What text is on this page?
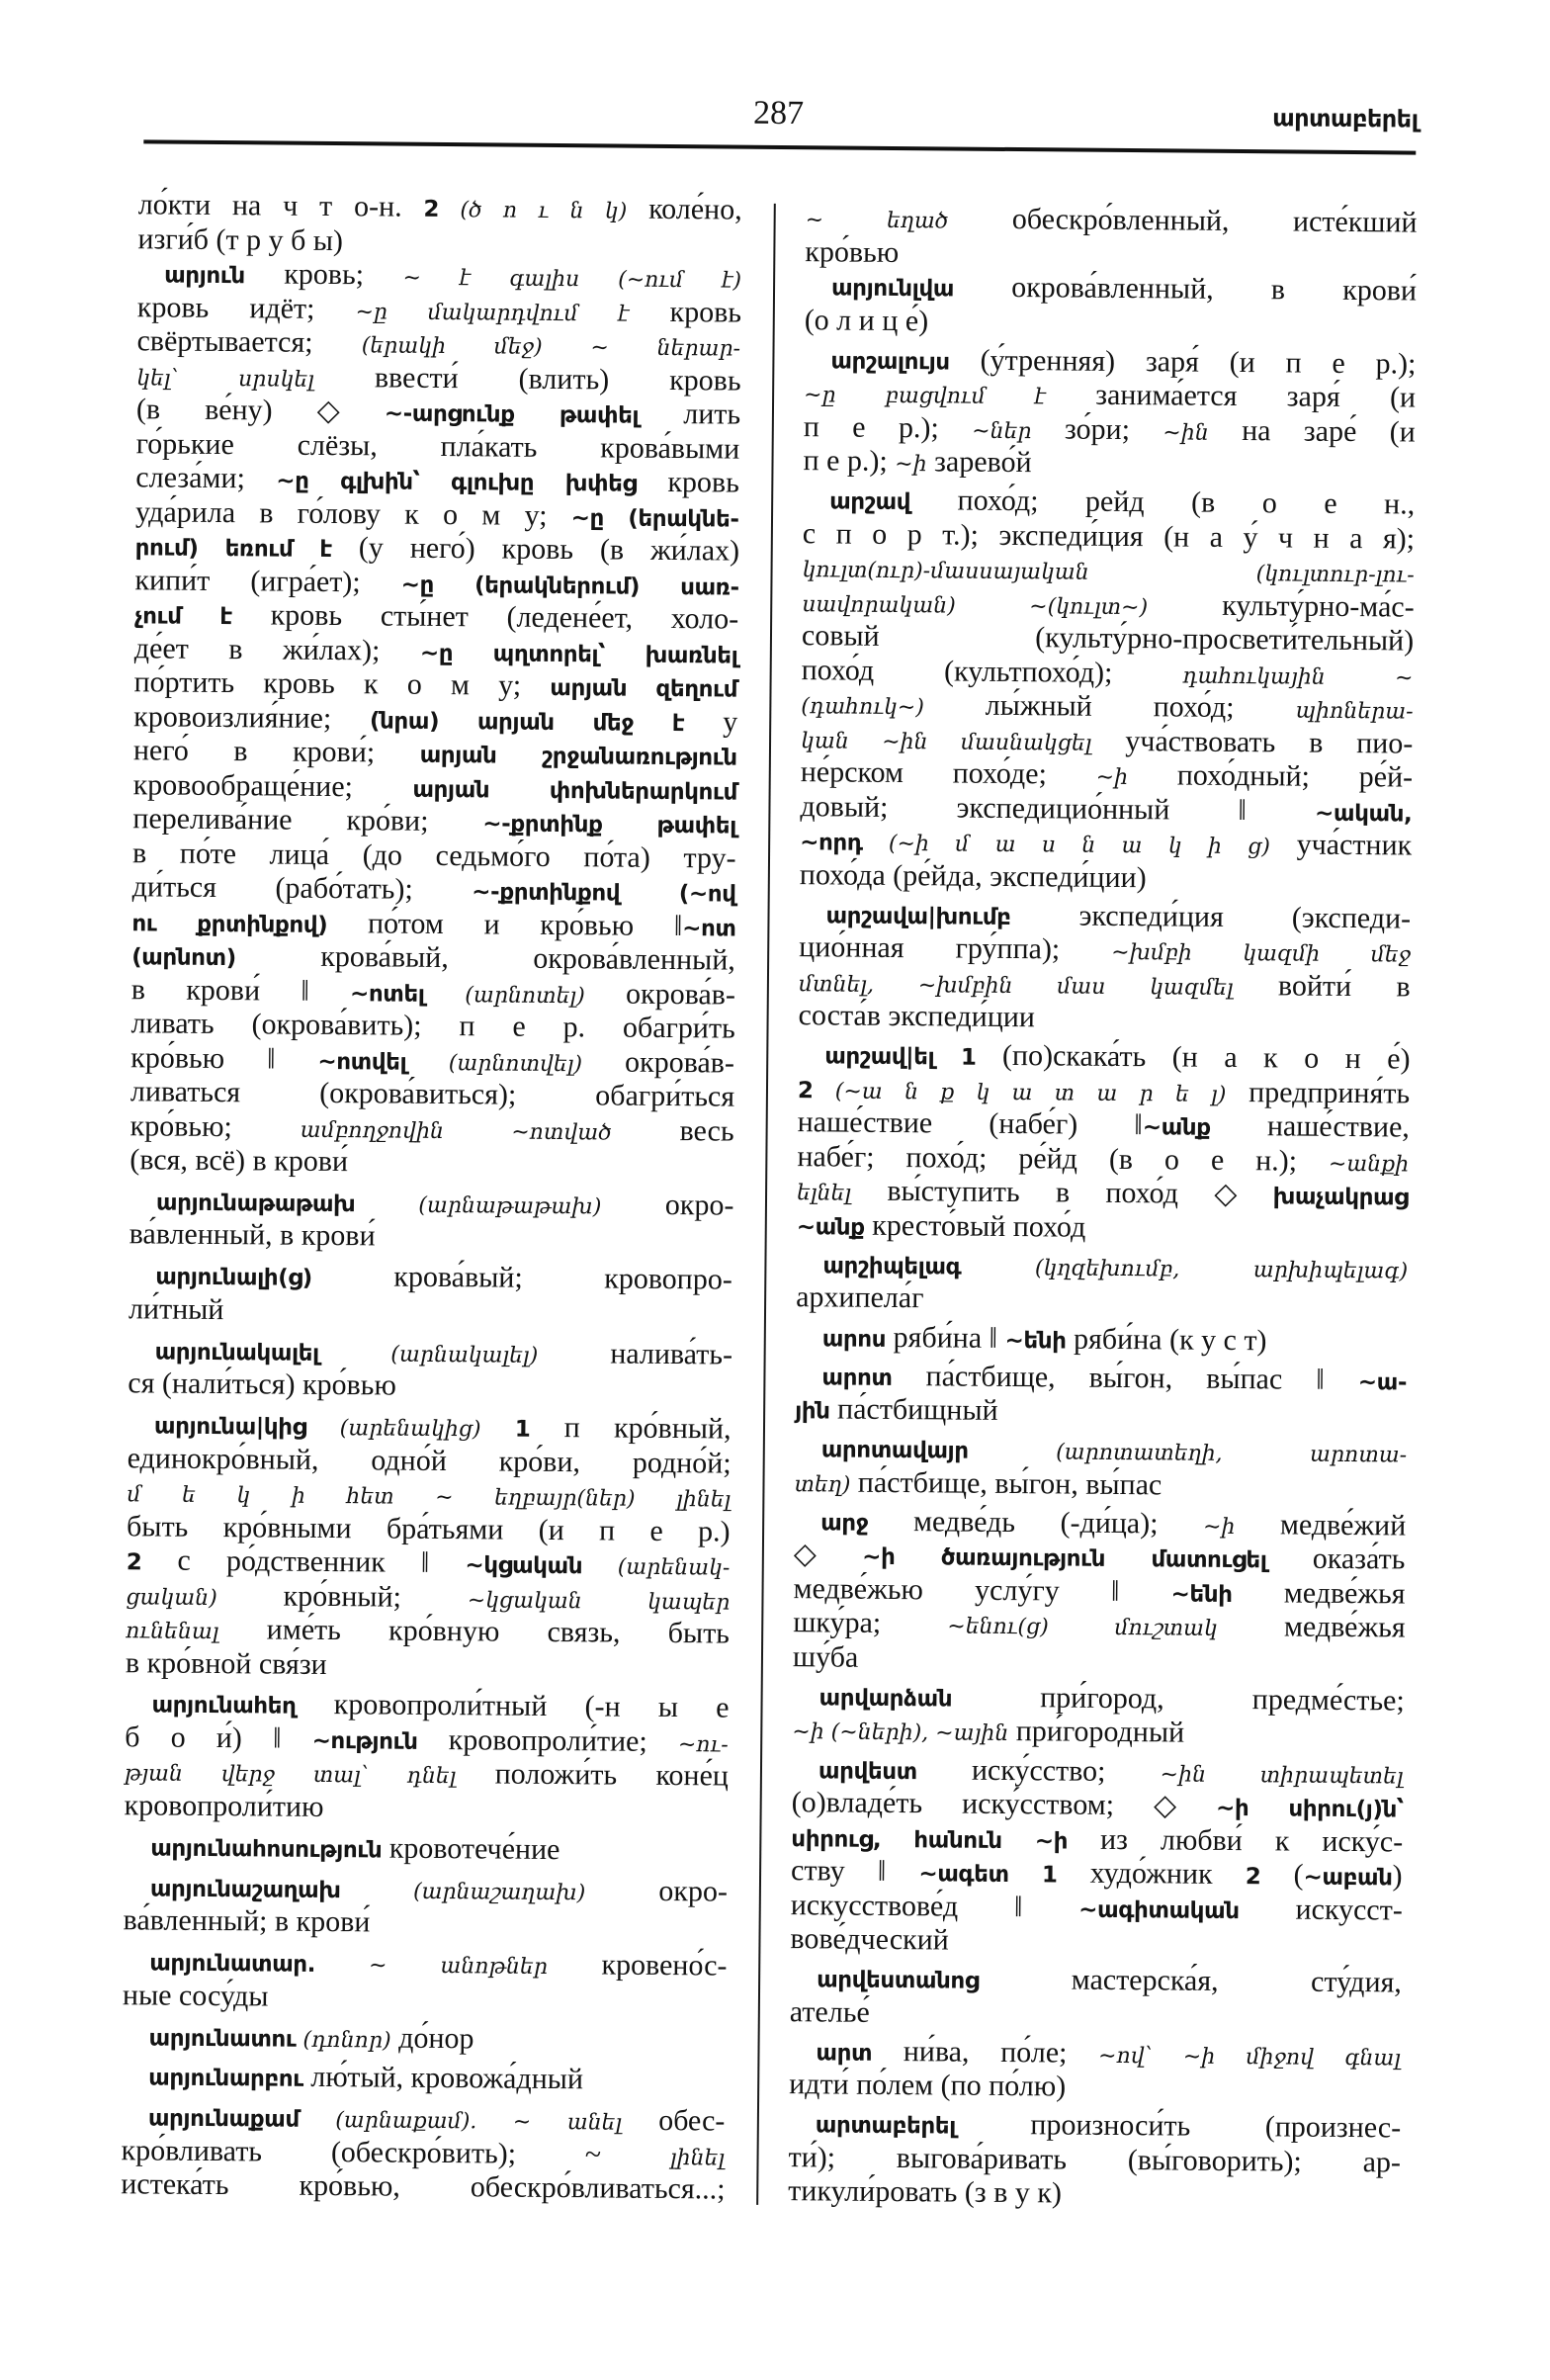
287	արտաբերել
ло́кти на ч т о-н. 2 (ծ ո ւ ն կ) коле́но,
изги́б (т р у б ы)
արյուն кровь; ~ է գալիս (~ում է)
кровь идёт; ~ը մակարդվում է кровь
свёртывается; (երակի մեջ) ~ ներար-
կել՝ սրսկել ввести́ (влить) кровь
(в ве́ну) ◇ ~-արցունք թափել лить
го́рькие слёзы, пла́кать крова́выми
слеза́ми; ~ը գլխին՝ գլուխը խփեց кровь
уда́рила в го́лову к о м у; ~ը (երակնե-
րում) եռում է (у него́) кровь (в жи́лах)
кипи́т (игра́ет); ~ը (երակներում) սառ-
չում է кровь сты́нет (ледене́ет, холо-
де́ет в жи́лах); ~ը պղտորել՝ խառնել
по́ртить кровь к о м у; արյան զեղում
кровоизлия́ние; (նրա) արյան մեջ է у
него́ в крови́; արյան շրջանառություն
кровообраще́ние; արյան փոխներարկում
перелива́ние кро́ви; ~-քրտինք թափել
в по́те лица́ (до седьмо́го по́та) тру-
ди́ться (рабо́тать); ~-քրտինքով (~ով
ու քրտինքով) по́том и кро́вью ‖~ոտ
(արնոտ) крова́вый, окрова́вленный,
в крови́ ‖ ~ոտել (արնոտել) окрова́в-
ливать (окрова́вить); п е р. обагри́ть
кро́вью ‖ ~ոտվել (արնոտվել) окрова́в-
ливаться (окрова́виться); обагри́ться
кро́вью; ամբողջովին ~ոտված весь
(вся, всё) в крови́
արյունաթաթախ (արնաթաթախ) окро-
ва́вленный, в крови́
արյունալի(ց) крова́вый; кровопро-
ли́тный
արյունակալել (արնակալել) налива́ть-
ся (нали́ться) кро́вью
արյունա|կից (արենակից) 1 п кро́вный,
единокро́вный, одно́й кро́ви, родно́й;
մ ե կ ի հետ ~ եղբայր(ներ) լինել
быть кро́вными бра́тьями (и п е р.)
2 с ро́дственник ‖ ~կցական (արենակ-
ցական) кро́вный; ~կցական կապեր
ունենալ име́ть кро́вную связь, быть
в кро́вной свя́зи
արյունահեղ кровопроли́тный (-н ы е
б о и́) ‖ ~ություն кровопроли́тие; ~ու-
թյան վերջ տալ՝ դնել положи́ть коне́ц
кровопроли́тию
արյունահոսություն кровотече́ние
արյունաշաղախ (արնաշաղախ) окро-
ва́вленный; в крови́
արյունատար. ~ անոթներ кровено́с-
ные сосу́ды
արյունատու (դոնոր) до́нор
արյունարբու лю́тый, кровожа́дный
արյունաքամ (արնաքամ). ~ անել обес-
кро́вливать (обескро́вить); ~ լինել
истека́ть кро́вью, обескро́вливаться...;
~ եղած обескро́вленный, исте́кший
кро́вью
արյունլվա окрова́вленный, в крови́
(о л и ц е́)
արշալույս (у́тренняя) заря́ (и п е р.);
~ը բացվում է занима́ется заря́ (и
п е р.); ~ներ зо́ри; ~ին на заре́ (и
п е р.); ~ի зарево́й
արշավ похо́д; рейд (в о е н.,
с п о р т.); экспеди́ция (н а у́ ч н а я);
կուլտ(ուր)-մասսայական (կուլտուր-լու-
սավորական) ~(կուլտ~) культу́рно-ма́с-
совый (культу́рно-просвети́тельный)
похо́д (культпохо́д); դահուկային ~
(դահուկ~) лы́жный похо́д; պիոներա-
կան ~ին մասնակցել уча́ствовать в пио-
не́рском похо́де; ~ի похо́дный; ре́й-
довый; экспедицио́нный ‖ ~ական,
~որդ (~ի մ ա ս ն ա կ ի ց) уча́стник
похо́да (ре́йда, экспеди́ции)
արշավա|խումբ экспеди́ция (экспеди-
цио́нная гру́ппа); ~խմբի կազմի մեջ
մտնել, ~խմբին մաս կազմել войти́ в
соста́в экспеди́ции
արշավ|ել 1 (по)скака́ть (н а к о н е́)
2 (~ա ն ք կ ա տ ա ր ե լ) предприня́ть
наше́ствие (набе́г) ‖~անք наше́ствие,
набе́г; похо́д; ре́йд (в о е н.); ~անքի
ելնել вы́ступить в похо́д ◇ խաչակրաց
~անք кресто́вый похо́д
արշիպելագ (կղզեխումբ, արխիպելագ)
архипела́г
արոս ряби́на ‖ ~ենի ряби́на (к у с т)
արոտ па́стбище, вы́гон, вы́пас ‖ ~ա-
յին па́стбищный
արոտավայր (արոտատեղի, արոտա-
տեղ) па́стбище, вы́гон, вы́пас
արջ медве́дь (-ди́ца); ~ի медве́жий
◇ ~ի ծառայություն մատուցել оказа́ть
медве́жью услу́гу ‖ ~ենի медве́жья
шку́ра; ~ենու(ց) մուշտակ медве́жья
шу́ба
արվարձան при́город, предме́стье;
~ի (~ների), ~ային при́городный
արվեստ иску́сство; ~ին տիրապետել
(о)владе́ть иску́сством; ◇ ~ի սիրու(յ)ն՝
սիրուց, հանուն ~ի из любви́ к иску́с-
ству ‖ ~ագետ 1 худо́жник 2 (~աբան)
искусствове́д ‖ ~ագիտական искусст-
вове́дческий
արվեստանոց мастерска́я, сту́дия,
ателье́
արտ ни́ва, по́ле; ~ով՝ ~ի միջով գնալ
идти́ по́лем (по по́лю)
արտաբերել произноси́ть (произнес-
ти́); выгова́ривать (вы́говорить); ар-
тикули́ровать (з в у к)
